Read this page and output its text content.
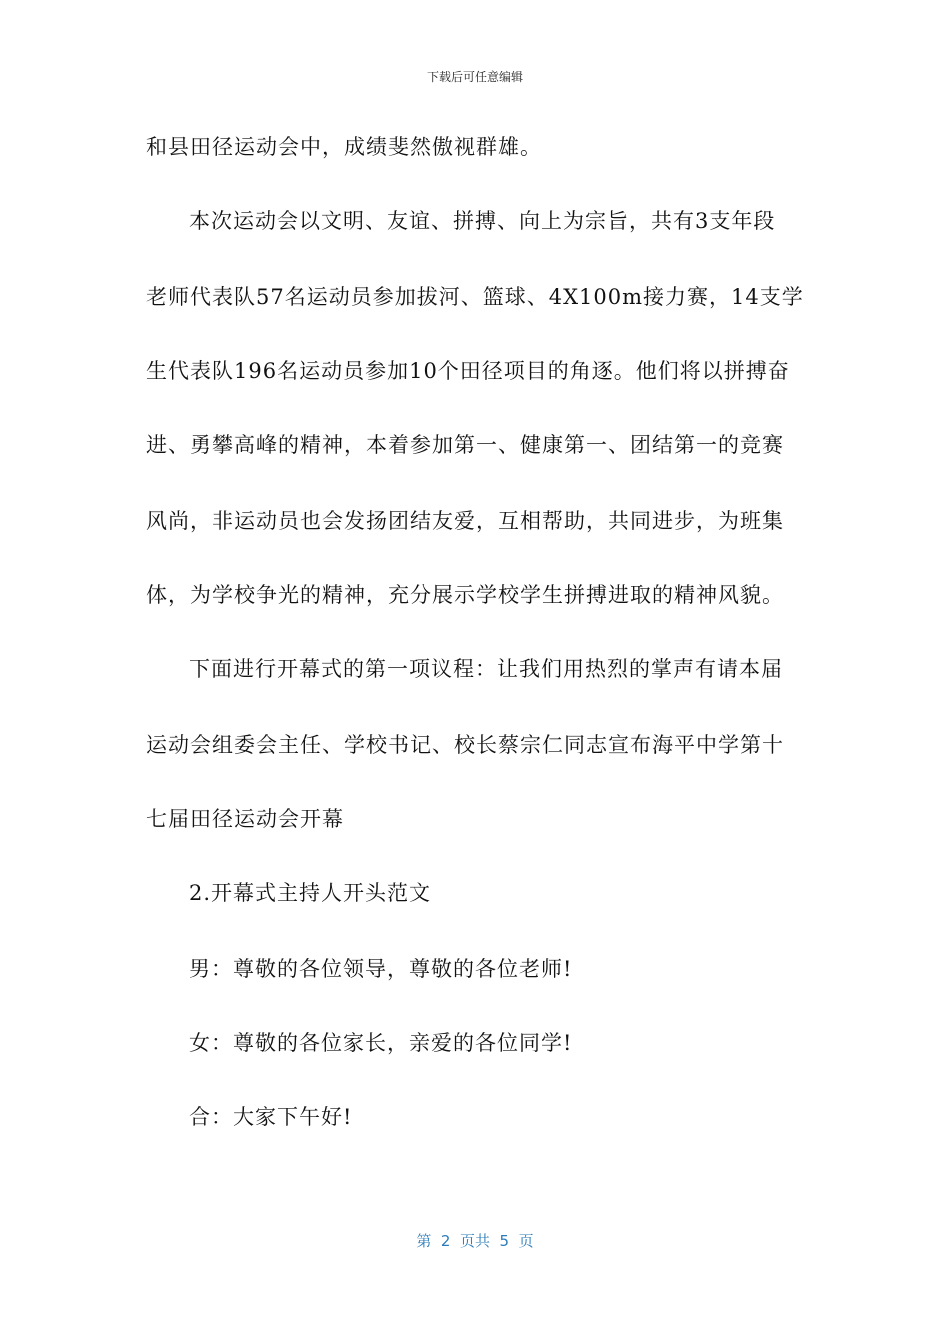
下载后可任意编辑
和县田径运动会中，成绩斐然傲视群雄。
本次运动会以文明、友谊、拼搏、向上为宗旨，共有3支年段
老师代表队57名运动员参加拔河、篮球、4X100m接力赛，14支学
生代表队196名运动员参加10个田径项目的角逐。他们将以拼搏奋
进、勇攀高峰的精神，本着参加第一、健康第一、团结第一的竞赛
风尚，非运动员也会发扬团结友爱，互相帮助，共同进步，为班集
体，为学校争光的精神，充分展示学校学生拼搏进取的精神风貌。
下面进行开幕式的第一项议程：让我们用热烈的掌声有请本届
运动会组委会主任、学校书记、校长蔡宗仁同志宣布海平中学第十
七届田径运动会开幕
2.开幕式主持人开头范文
男：尊敬的各位领导，尊敬的各位老师!
女：尊敬的各位家长，亲爱的各位同学!
合：大家下午好!
第  2  页共  5  页
